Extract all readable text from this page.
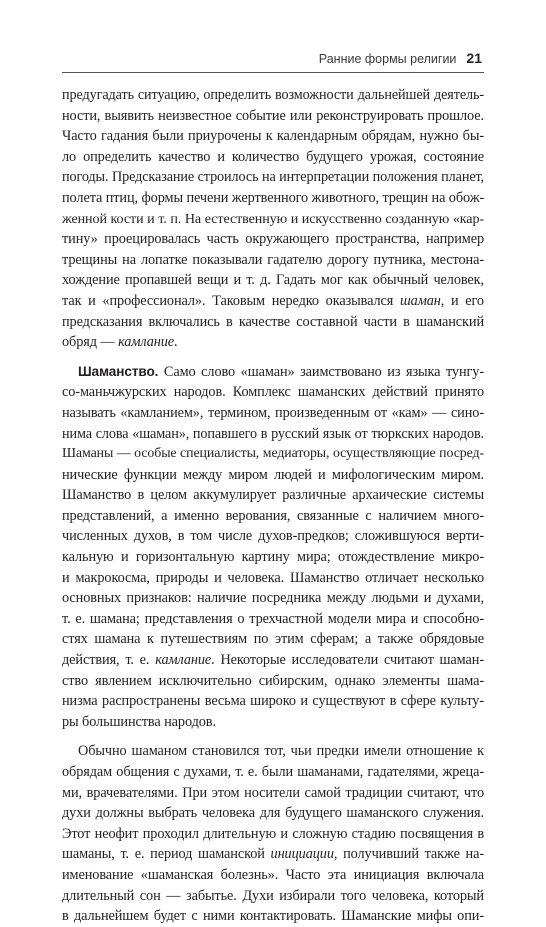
Ранние формы религии 21

предугадать ситуацию, определить возможности дальнейшей деятель-
ности, выявить неизвестное событие или реконструировать прошлое.
Часто гадания были приурочены к календарным обрядам, нужно бы-
ло определить качество и количество будущего урожая, состояние
погоды. Предсказание строилось на интерпретации положения планет,
полета птиц, формы печени жертвенного животного, трещин на обож-
женной кости и т. п. На естественную и искусственно созданную «кар-
тину» проецировалась часть окружающего пространства, например
трещины на лопатке показывали гадателю дорогу путника, местона-
хождение пропавшей вещи и т. д. Гадать мог как обычный человек,
так и «профессионал». Таковым нередко оказывался шаман, и его
предсказания включались в качестве составной части в шаманский
обряд — камлание.

Шаманство. Само слово «шаман» заимствовано из языка тунгу-
со-маньчжурских народов. Комплекс шаманских действий принято
называть «камланием», термином, произведенным от «кам» — сино-
нима слова «шаман», попавшего в русский язык от тюркских народов.
Шаманы — особые специалисты, медиаторы, осуществляющие посред-
нические функции между миром людей и мифологическим миром.
Шаманство в целом аккумулирует различные архаические системы
представлений, а именно верования, связанные с наличием много-
численных духов, в том числе духов-предков; сложившуюся верти-
кальную и горизонтальную картину мира; отождествление микро-
и макрокосма, природы и человека. Шаманство отличает несколько
основных признаков: наличие посредника между людьми и духами,
т. е. шамана; представления о трехчастной модели мира и способно-
стях шамана к путешествиям по этим сферам; а также обрядовые
действия, т. е. камлание. Некоторые исследователи считают шаман-
ство явлением исключительно сибирским, однако элементы шама-
низма распространены весьма широко и существуют в сфере культу-
ры большинства народов.

Обычно шаманом становился тот, чьи предки имели отношение к
обрядам общения с духами, т. е. были шаманами, гадателями, жреца-
ми, врачевателями. При этом носители самой традиции считают, что
духи должны выбрать человека для будущего шаманского служения.
Этот неофит проходил длительную и сложную стадию посвящения в
шаманы, т. е. период шаманской инициации, получивший также на-
именование «шаманская болезнь». Часто эта инициация включала
длительный сон — забытье. Духи избирали того человека, который
в дальнейшем будет с ними контактировать. Шаманские мифы опи-
